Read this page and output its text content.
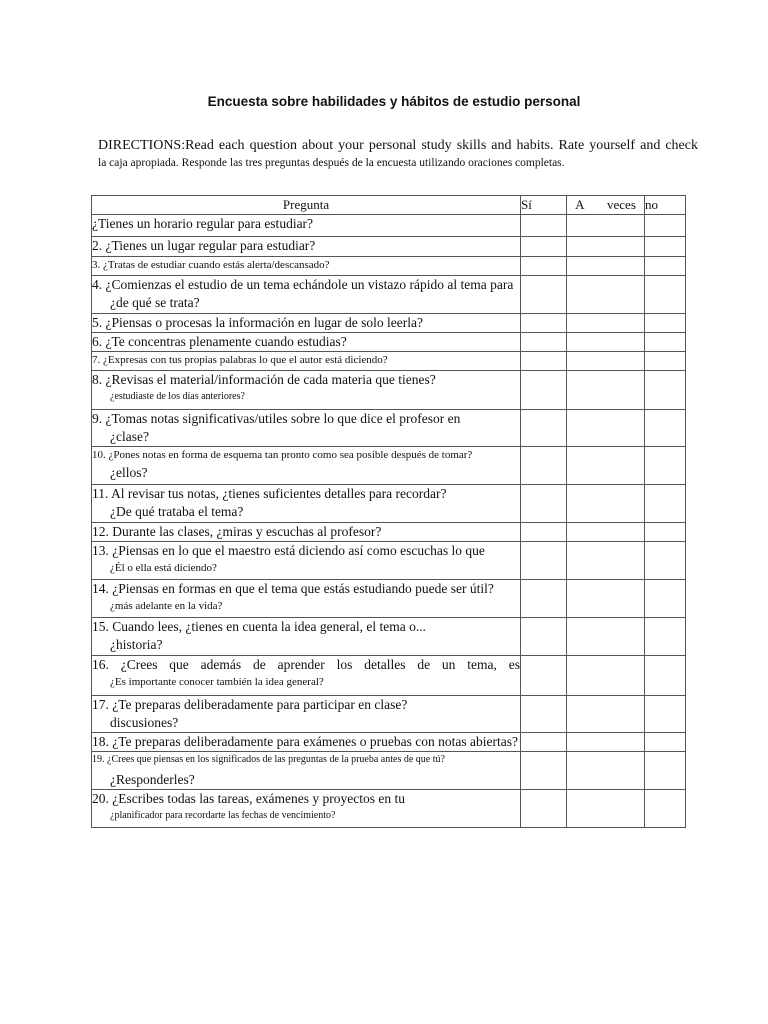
Encuesta sobre habilidades y hábitos de estudio personal
DIRECTIONS:Read each question about your personal study skills and habits. Rate yourself and check
la caja apropiada. Responde las tres preguntas después de la encuesta utilizando oraciones completas.
Pregunta	Sí	A veces	no

¿Tienes un horario regular para estudiar?			

2. ¿Tienes un lugar regular para estudiar?			

3. ¿Tratas de estudiar cuando estás alerta/descansado?			

4. ¿Comienzas el estudio de un tema echándole un vistazo rápido al tema para
¿de qué se trata?			

5. ¿Piensas o procesas la información en lugar de solo leerla?			

6. ¿Te concentras plenamente cuando estudias?			

7. ¿Expresas con tus propias palabras lo que el autor está diciendo?			

8. ¿Revisas el material/información de cada materia que tienes?
¿estudiaste de los días anteriores?			

9. ¿Tomas notas significativas/utiles sobre lo que dice el profesor en
¿clase?			

10. ¿Pones notas en forma de esquema tan pronto como sea posible después de tomar?
¿ellos?			

11. Al revisar tus notas, ¿tienes suficientes detalles para recordar?
¿De qué trataba el tema?			

12. Durante las clases, ¿miras y escuchas al profesor?			

13. ¿Piensas en lo que el maestro está diciendo así como escuchas lo que
¿Él o ella está diciendo?			

14. ¿Piensas en formas en que el tema que estás estudiando puede ser útil?
¿más adelante en la vida?			

15. Cuando lees, ¿tienes en cuenta la idea general, el tema o...
¿historia?			

16. ¿Crees que además de aprender los detalles de un tema, es
¿Es importante conocer también la idea general?			

17. ¿Te preparas deliberadamente para participar en clase?
discusiones?			

18. ¿Te preparas deliberadamente para exámenes o pruebas con notas abiertas?			

19. ¿Crees que piensas en los significados de las preguntas de la prueba antes de que tú?
¿Responderles?			

20. ¿Escribes todas las tareas, exámenes y proyectos en tu
¿planificador para recordarte las fechas de vencimiento?			
